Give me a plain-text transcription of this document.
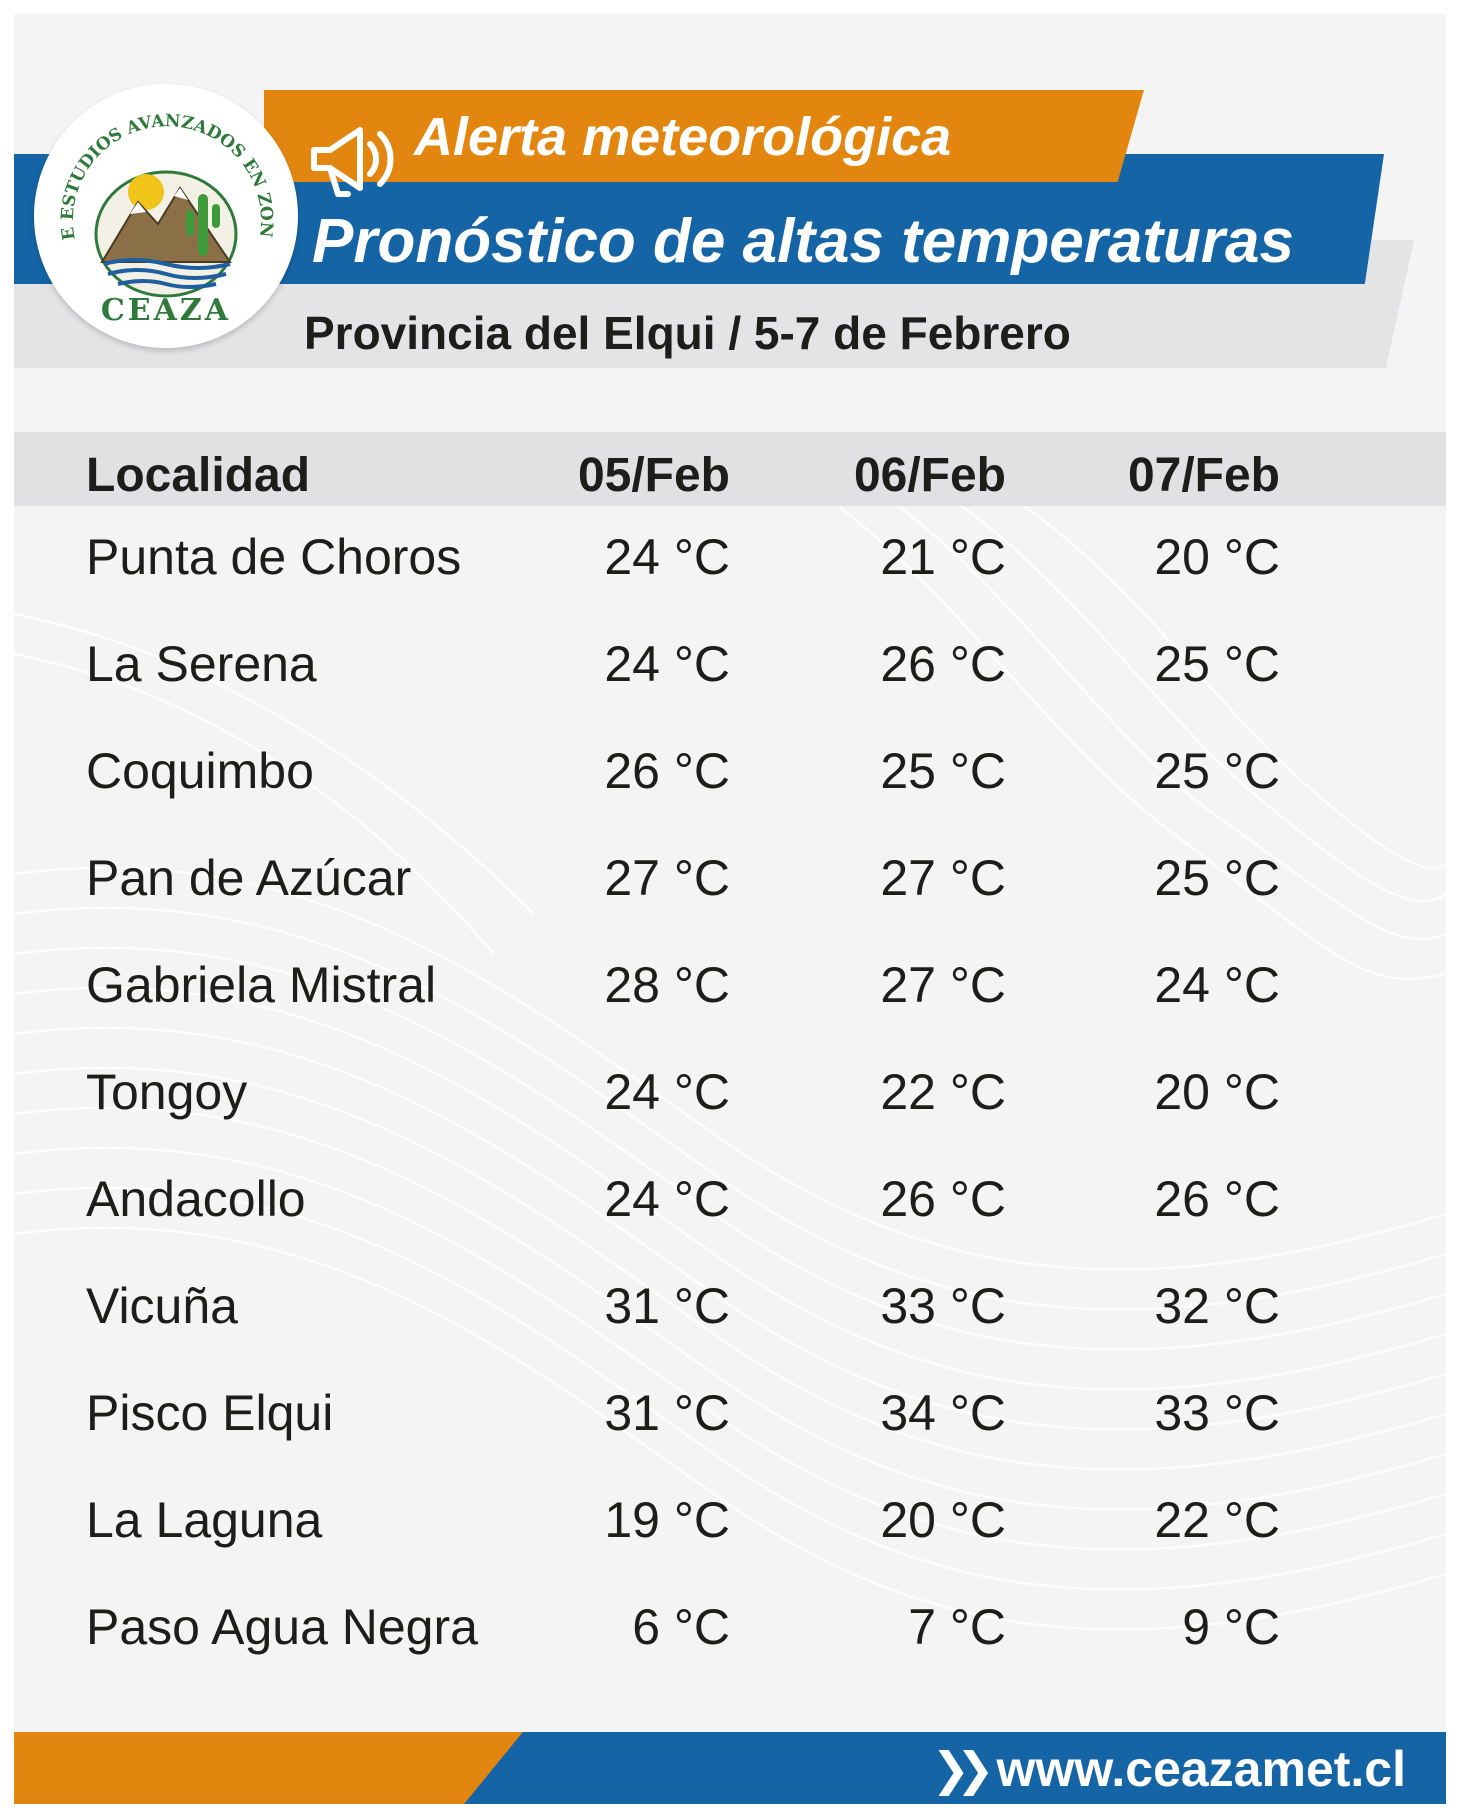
Alerta meteorológica
Pronóstico de altas temperaturas
Provincia del Elqui / 5-7 de Febrero
E ESTUDIOS AVANZADOS EN ZON
CEAZA
Localidad	05/Feb	06/Feb	07/Feb
Punta de Choros	24 °C	21 °C	20 °C
La Serena	24 °C	26 °C	25 °C
Coquimbo	26 °C	25 °C	25 °C
Pan de Azúcar	27 °C	27 °C	25 °C
Gabriela Mistral	28 °C	27 °C	24 °C
Tongoy	24 °C	22 °C	20 °C
Andacollo	24 °C	26 °C	26 °C
Vicuña	31 °C	33 °C	32 °C
Pisco Elqui	31 °C	34 °C	33 °C
La Laguna	19 °C	20 °C	22 °C
Paso Agua Negra	6 °C	7 °C	9 °C
❯❯ www.ceazamet.cl
